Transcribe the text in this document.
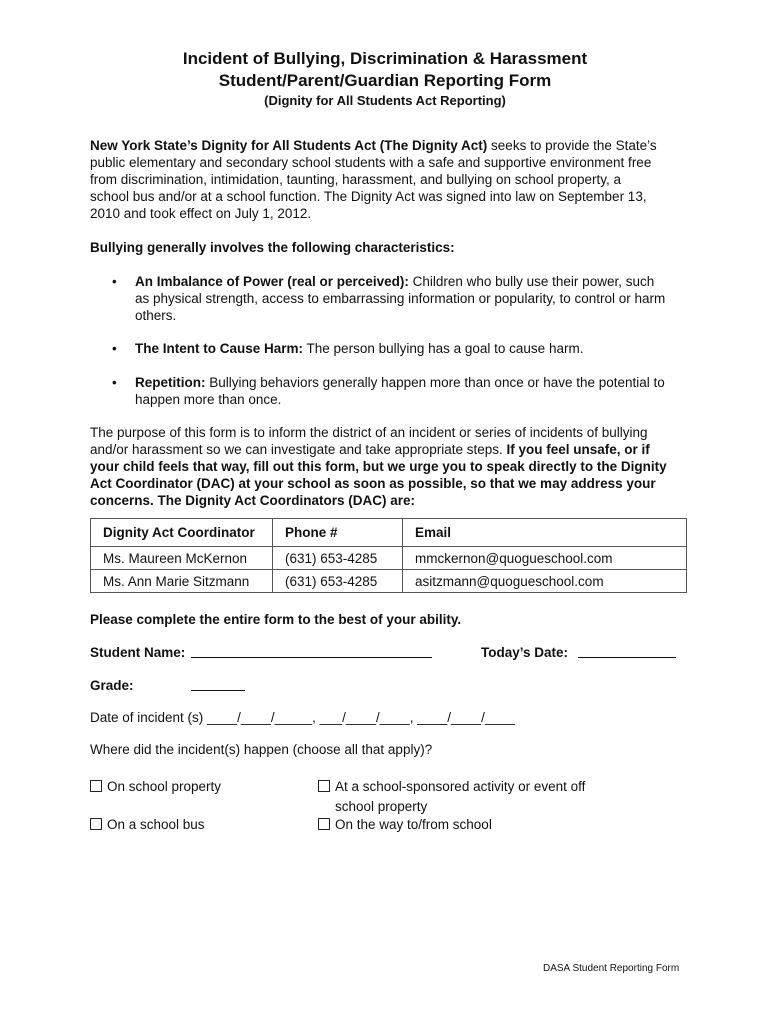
Incident of Bullying, Discrimination & Harassment
Student/Parent/Guardian Reporting Form
(Dignity for All Students Act Reporting)
New York State’s Dignity for All Students Act (The Dignity Act) seeks to provide the State’s
public elementary and secondary school students with a safe and supportive environment free
from discrimination, intimidation, taunting, harassment, and bullying on school property, a
school bus and/or at a school function. The Dignity Act was signed into law on September 13,
2010 and took effect on July 1, 2012.
Bullying generally involves the following characteristics:
• An Imbalance of Power (real or perceived): Children who bully use their power, such
as physical strength, access to embarrassing information or popularity, to control or harm
others.
• The Intent to Cause Harm: The person bullying has a goal to cause harm.
• Repetition: Bullying behaviors generally happen more than once or have the potential to
happen more than once.
The purpose of this form is to inform the district of an incident or series of incidents of bullying
and/or harassment so we can investigate and take appropriate steps. If you feel unsafe, or if
your child feels that way, fill out this form, but we urge you to speak directly to the Dignity
Act Coordinator (DAC) at your school as soon as possible, so that we may address your
concerns. The Dignity Act Coordinators (DAC) are:
Dignity Act Coordinator	Phone #	Email
Ms. Maureen McKernon	(631) 653-4285	mmckernon@quogueschool.com
Ms. Ann Marie Sitzmann	(631) 653-4285	asitzmann@quogueschool.com
Please complete the entire form to the best of your ability.
Student Name:	Today’s Date:
Grade:
Date of incident (s) ____/____/_____, ___/____/____, ____/____/____
Where did the incident(s) happen (choose all that apply)?
On school property	At a school-sponsored activity or event off
school property
On a school bus	On the way to/from school
DASA Student Reporting Form
